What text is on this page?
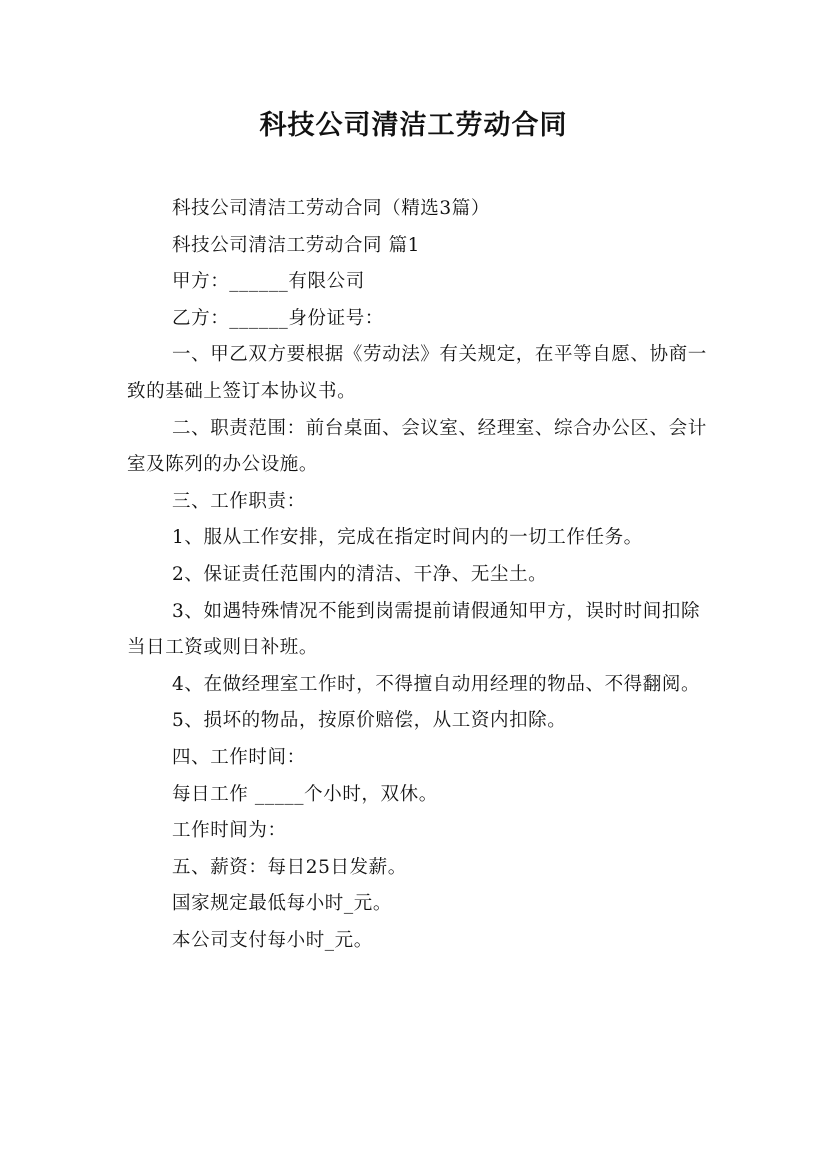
科技公司清洁工劳动合同

科技公司清洁工劳动合同（精选3篇）

科技公司清洁工劳动合同 篇1

甲方：______有限公司

乙方：______身份证号：

一、甲乙双方要根据《劳动法》有关规定，在平等自愿、协商一致的基础上签订本协议书。

二、职责范围：前台桌面、会议室、经理室、综合办公区、会计室及陈列的办公设施。

三、工作职责：

1、服从工作安排，完成在指定时间内的一切工作任务。

2、保证责任范围内的清洁、干净、无尘土。

3、如遇特殊情况不能到岗需提前请假通知甲方，误时时间扣除当日工资或则日补班。

4、在做经理室工作时，不得擅自动用经理的物品、不得翻阅。

5、损坏的物品，按原价赔偿，从工资内扣除。

四、工作时间：

每日工作 _____个小时，双休。

工作时间为：

五、薪资：每日25日发薪。

国家规定最低每小时_元。

本公司支付每小时_元。
